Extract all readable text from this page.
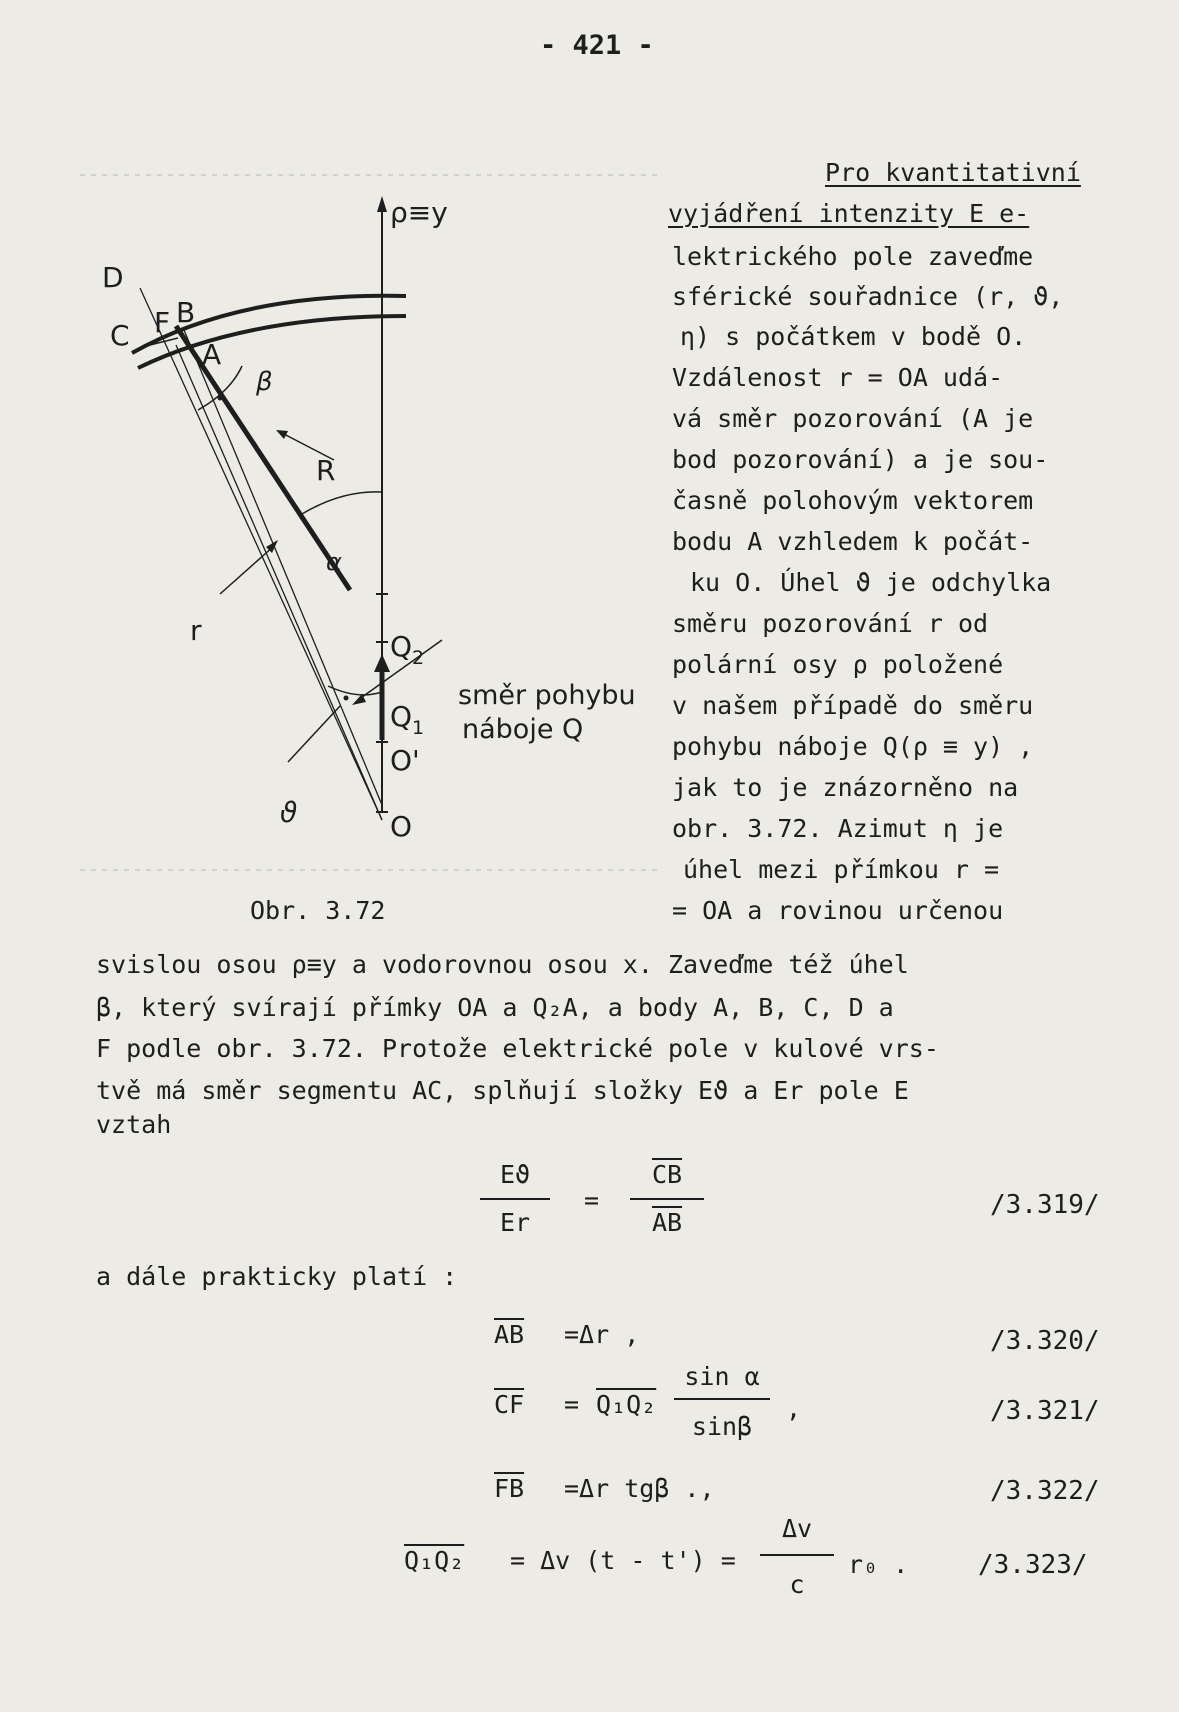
- 421 -
Pro kvantitativní
vyjádření intenzity E e-
lektrického pole zaveďme
sférické souřadnice (r, ϑ,
η) s počátkem v bodě O.
Vzdálenost r = OA udá-
vá směr pozorování (A je
bod pozorování) a je sou-
časně polohovým vektorem
bodu A vzhledem k počát-
ku O. Úhel ϑ je odchylka
směru pozorování r od
polární osy ρ položené
v našem případě do směru
pohybu náboje Q(ρ ≡ y) ,
jak to je znázorněno na
obr. 3.72. Azimut η je
úhel mezi přímkou r =
= OA a rovinou určenou
ρ≡y
D
C F B
A
β
R
α
r	$Q_2$
$Q_1$
O'
O
ϑ
směr pohybu
náboje Q
Obr. 3.72
svislou osou ρ≡y a vodorovnou osou x. Zaveďme též úhel
β, který svírají přímky OA a Q₂A, a body A, B, C, D a
F podle obr. 3.72. Protože elektrické pole v kulové vrs-
tvě má směr segmentu AC, splňují složky Eϑ a Er pole E
vztah
Eϑ
Er
= $\frac{\overline{CB}}{AB}$	/3.319/
a dále prakticky platí :
$\overline{AB} =\Delta r$ ,	/3.320/
$\overline{CF} = Q_1Q_2$
sin α
sinβ
,	/3.321/
$\overline{FB} =\Delta r$ tgβ .,	/3.322/
Q₁Q₂ = Δv (t - t') =
Δv
c
r₀ .	/3.323/
